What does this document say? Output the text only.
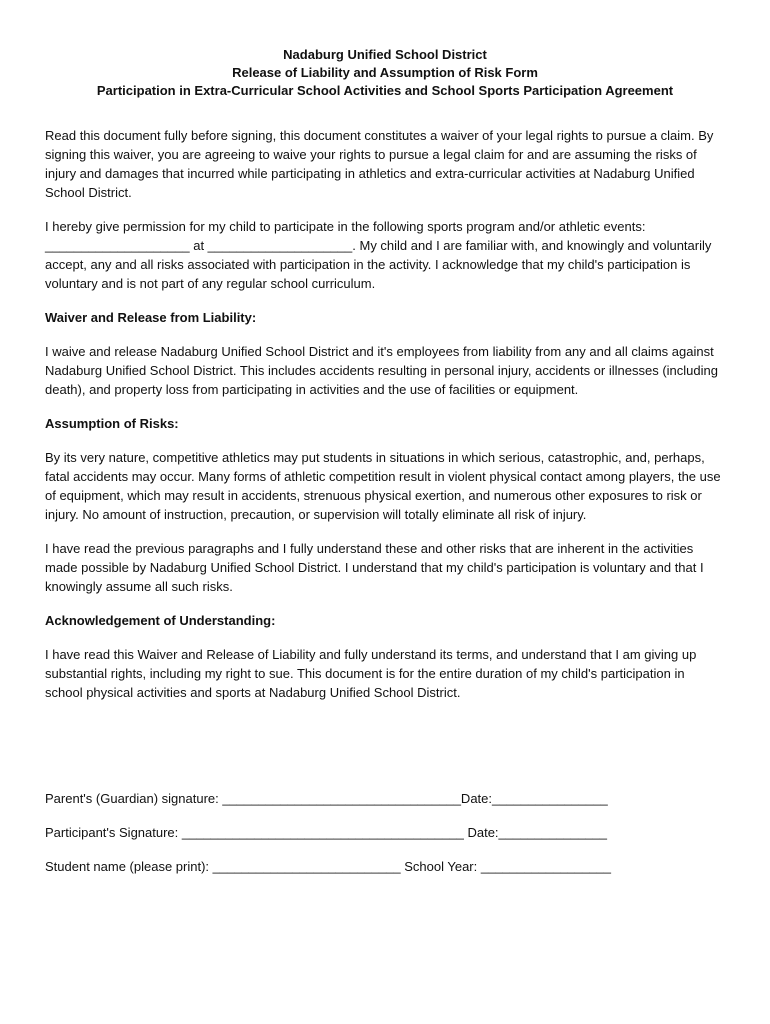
Nadaburg Unified School District
Release of Liability and Assumption of Risk Form
Participation in Extra-Curricular School Activities and School Sports Participation Agreement

Read this document fully before signing, this document constitutes a waiver of your legal rights to pursue a claim. By signing this waiver, you are agreeing to waive your rights to pursue a legal claim for and are assuming the risks of injury and damages that incurred while participating in athletics and extra-curricular activities at Nadaburg Unified School District.

I hereby give permission for my child to participate in the following sports program and/or athletic events: ____________________ at ____________________. My child and I are familiar with, and knowingly and voluntarily accept, any and all risks associated with participation in the activity. I acknowledge that my child's participation is voluntary and is not part of any regular school curriculum.

Waiver and Release from Liability:

I waive and release Nadaburg Unified School District and it's employees from liability from any and all claims against Nadaburg Unified School District. This includes accidents resulting in personal injury, accidents or illnesses (including death), and property loss from participating in activities and the use of facilities or equipment.

Assumption of Risks:

By its very nature, competitive athletics may put students in situations in which serious, catastrophic, and, perhaps, fatal accidents may occur. Many forms of athletic competition result in violent physical contact among players, the use of equipment, which may result in accidents, strenuous physical exertion, and numerous other exposures to risk or injury. No amount of instruction, precaution, or supervision will totally eliminate all risk of injury.

I have read the previous paragraphs and I fully understand these and other risks that are inherent in the activities made possible by Nadaburg Unified School District. I understand that my child's participation is voluntary and that I knowingly assume all such risks.

Acknowledgement of Understanding:

I have read this Waiver and Release of Liability and fully understand its terms, and understand that I am giving up substantial rights, including my right to sue. This document is for the entire duration of my child's participation in school physical activities and sports at Nadaburg Unified School District.

Parent's (Guardian) signature: _________________________________Date:________________

Participant's Signature: _______________________________________ Date:_______________

Student name (please print): __________________________ School Year: __________________
